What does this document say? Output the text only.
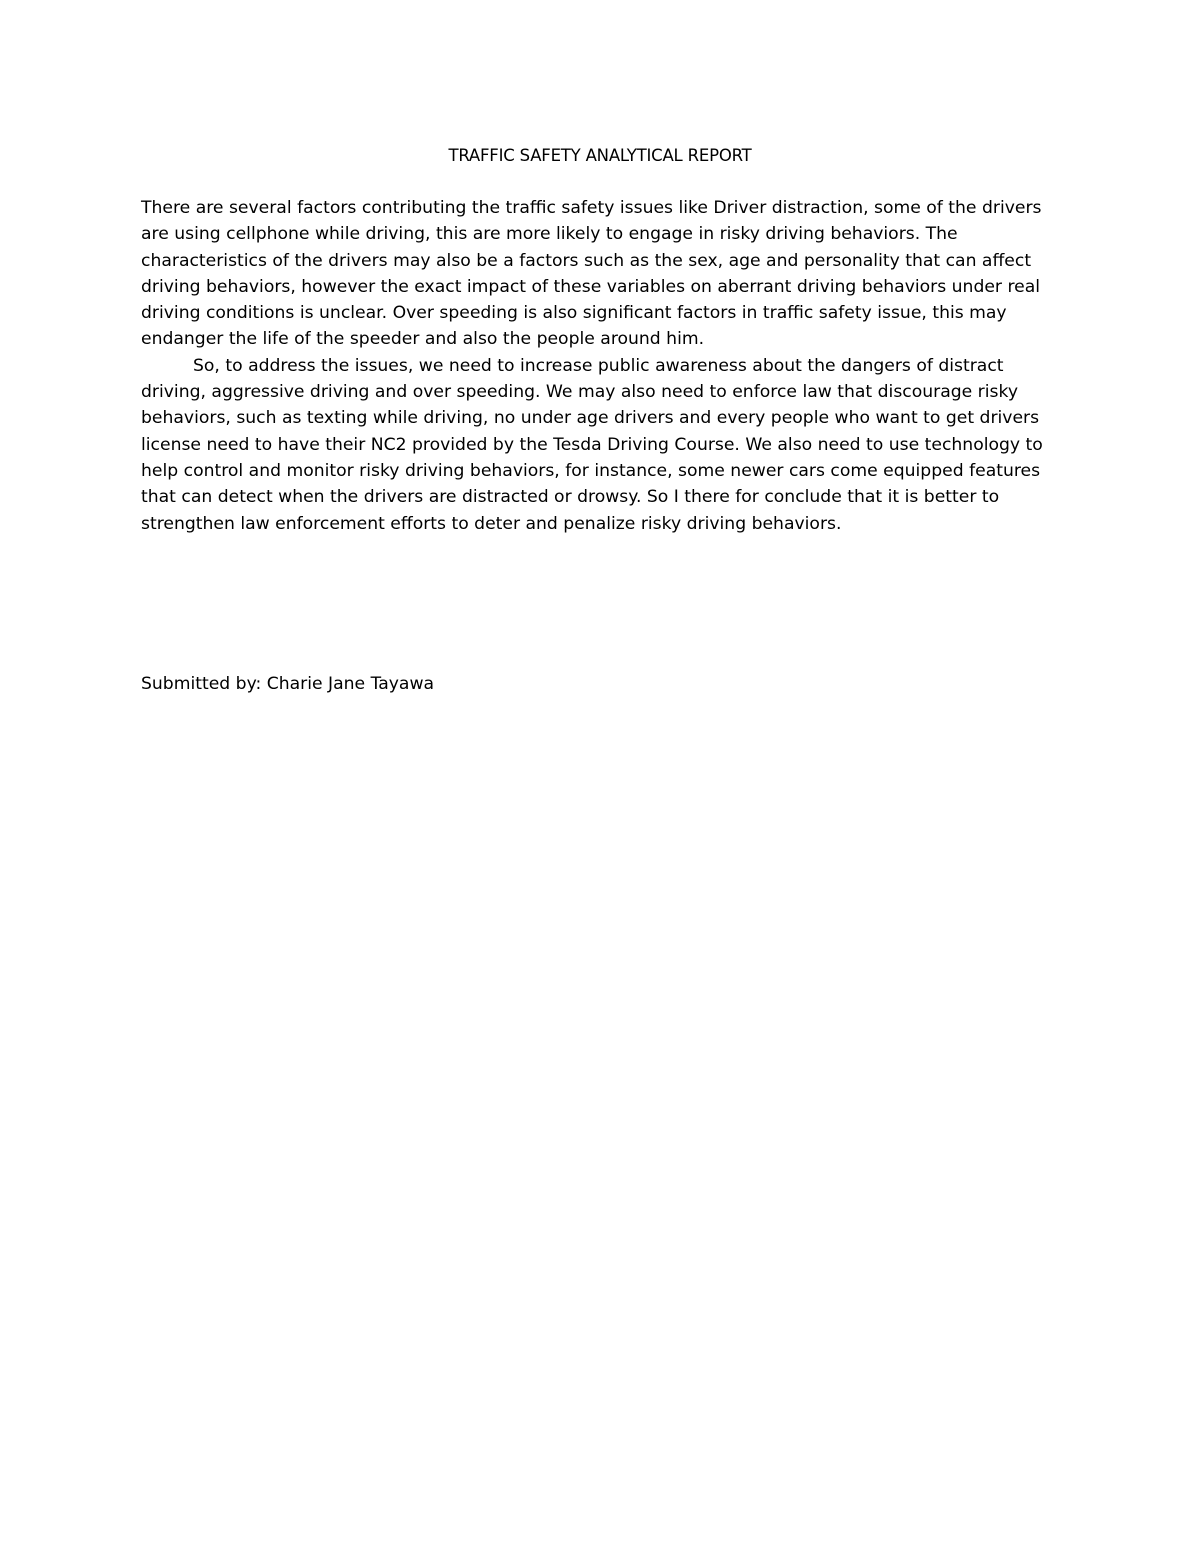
TRAFFIC SAFETY ANALYTICAL REPORT
There are several factors contributing the traffic safety issues like Driver distraction, some of the drivers
are using cellphone while driving, this are more likely to engage in risky driving behaviors. The
characteristics of the drivers may also be a factors such as the sex, age and personality that can affect
driving behaviors, however the exact impact of these variables on aberrant driving behaviors under real
driving conditions is unclear. Over speeding is also significant factors in traffic safety issue, this may
endanger the life of the speeder and also the people around him.
So, to address the issues, we need to increase public awareness about the dangers of distract
driving, aggressive driving and over speeding. We may also need to enforce law that discourage risky
behaviors, such as texting while driving, no under age drivers and every people who want to get drivers
license need to have their NC2 provided by the Tesda Driving Course. We also need to use technology to
help control and monitor risky driving behaviors, for instance, some newer cars come equipped features
that can detect when the drivers are distracted or drowsy. So I there for conclude that it is better to
strengthen law enforcement efforts to deter and penalize risky driving behaviors.
Submitted by: Charie Jane Tayawa
